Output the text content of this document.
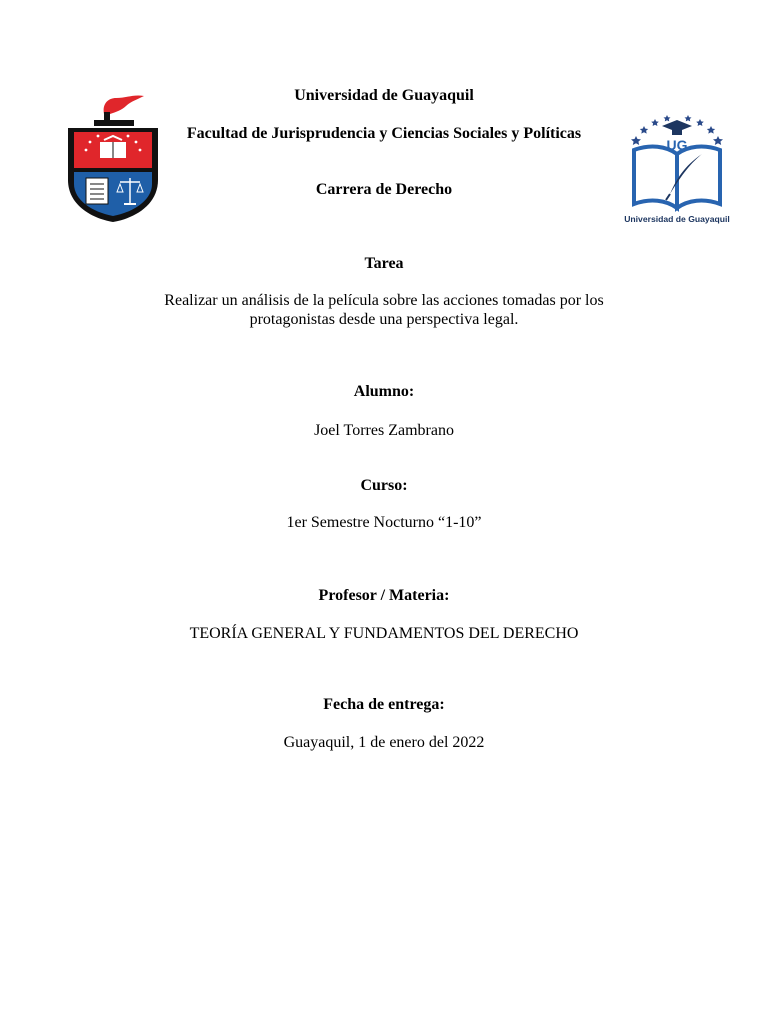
UG
Universidad de Guayaquil
Universidad de Guayaquil
Facultad de Jurisprudencia y Ciencias Sociales y Políticas
Carrera de Derecho
Tarea
Realizar un análisis de la película sobre las acciones tomadas por los protagonistas desde una perspectiva legal.
Alumno:
Joel Torres Zambrano
Curso:
1er Semestre Nocturno “1-10”
Profesor / Materia:
TEORÍA GENERAL Y FUNDAMENTOS DEL DERECHO
Fecha de entrega:
Guayaquil, 1 de enero del 2022
